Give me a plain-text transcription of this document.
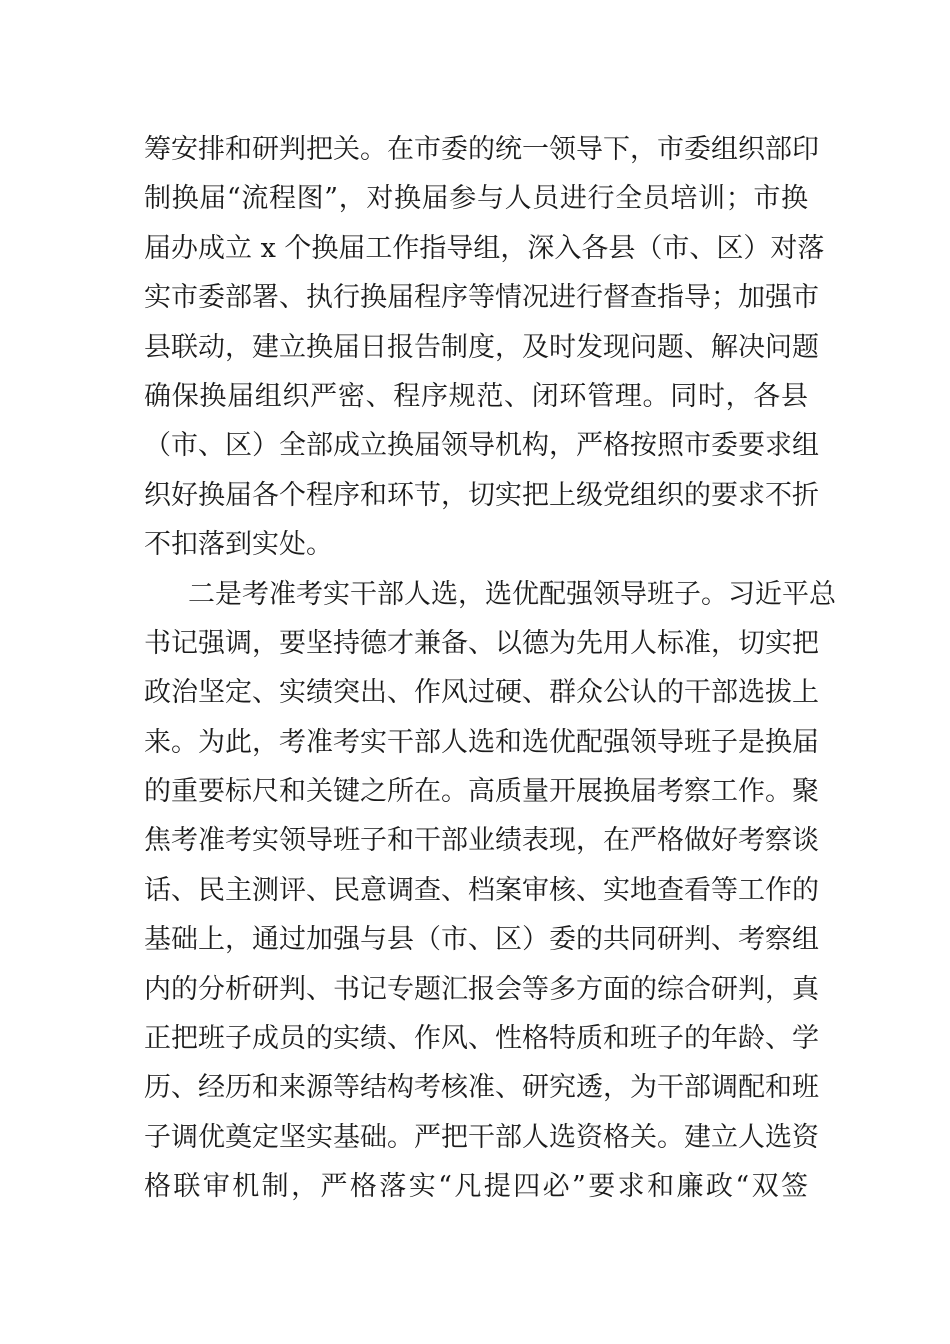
筹安排和研判把关。在市委的统一领导下，市委组织部印
制换届“流程图”，对换届参与人员进行全员培训；市换
届办成立 x 个换届工作指导组，深入各县（市、区）对落
实市委部署、执行换届程序等情况进行督查指导；加强市
县联动，建立换届日报告制度，及时发现问题、解决问题
确保换届组织严密、程序规范、闭环管理。同时，各县
（市、区）全部成立换届领导机构，严格按照市委要求组
织好换届各个程序和环节，切实把上级党组织的要求不折
不扣落到实处。
二是考准考实干部人选，选优配强领导班子。习近平总
书记强调，要坚持德才兼备、以德为先用人标准，切实把
政治坚定、实绩突出、作风过硬、群众公认的干部选拔上
来。为此，考准考实干部人选和选优配强领导班子是换届
的重要标尺和关键之所在。高质量开展换届考察工作。聚
焦考准考实领导班子和干部业绩表现，在严格做好考察谈
话、民主测评、民意调查、档案审核、实地查看等工作的
基础上，通过加强与县（市、区）委的共同研判、考察组
内的分析研判、书记专题汇报会等多方面的综合研判，真
正把班子成员的实绩、作风、性格特质和班子的年龄、学
历、经历和来源等结构考核准、研究透，为干部调配和班
子调优奠定坚实基础。严把干部人选资格关。建立人选资
格联审机制，严格落实“凡提四必”要求和廉政“双签
